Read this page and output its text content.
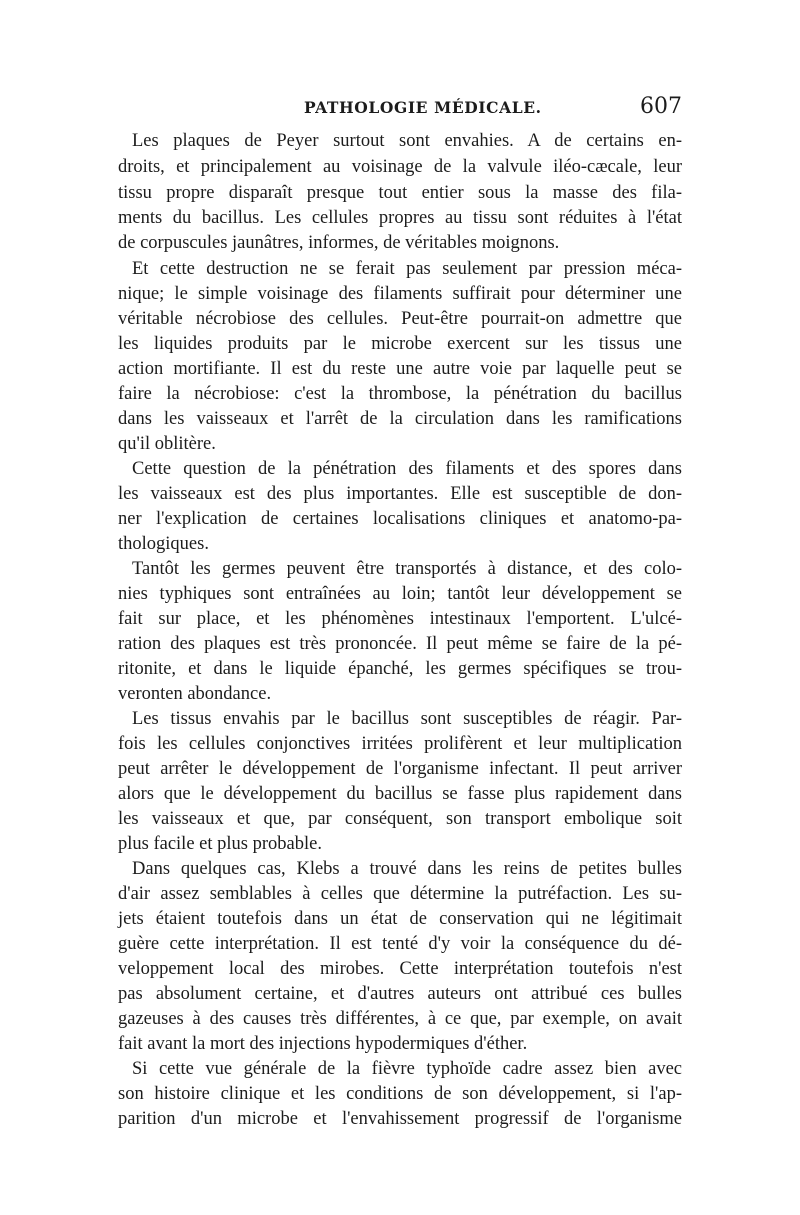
PATHOLOGIE MÉDICALE.	607
Les plaques de Peyer surtout sont envahies. A de certains en-
droits, et principalement au voisinage de la valvule iléo-cæcale, leur
tissu propre disparaît presque tout entier sous la masse des fila-
ments du bacillus. Les cellules propres au tissu sont réduites à l'état
de corpuscules jaunâtres, informes, de véritables moignons.
Et cette destruction ne se ferait pas seulement par pression méca-
nique; le simple voisinage des filaments suffirait pour déterminer une
véritable nécrobiose des cellules. Peut-être pourrait-on admettre que
les liquides produits par le microbe exercent sur les tissus une
action mortifiante. Il est du reste une autre voie par laquelle peut se
faire la nécrobiose: c'est la thrombose, la pénétration du bacillus
dans les vaisseaux et l'arrêt de la circulation dans les ramifications
qu'il oblitère.
Cette question de la pénétration des filaments et des spores dans
les vaisseaux est des plus importantes. Elle est susceptible de don-
ner l'explication de certaines localisations cliniques et anatomo-pa-
thologiques.
Tantôt les germes peuvent être transportés à distance, et des colo-
nies typhiques sont entraînées au loin; tantôt leur développement se
fait sur place, et les phénomènes intestinaux l'emportent. L'ulcé-
ration des plaques est très prononcée. Il peut même se faire de la pé-
ritonite, et dans le liquide épanché, les germes spécifiques se trou-
veronten abondance.
Les tissus envahis par le bacillus sont susceptibles de réagir. Par-
fois les cellules conjonctives irritées prolifèrent et leur multiplication
peut arrêter le développement de l'organisme infectant. Il peut arriver
alors que le développement du bacillus se fasse plus rapidement dans
les vaisseaux et que, par conséquent, son transport embolique soit
plus facile et plus probable.
Dans quelques cas, Klebs a trouvé dans les reins de petites bulles
d'air assez semblables à celles que détermine la putréfaction. Les su-
jets étaient toutefois dans un état de conservation qui ne légitimait
guère cette interprétation. Il est tenté d'y voir la conséquence du dé-
veloppement local des mirobes. Cette interprétation toutefois n'est
pas absolument certaine, et d'autres auteurs ont attribué ces bulles
gazeuses à des causes très différentes, à ce que, par exemple, on avait
fait avant la mort des injections hypodermiques d'éther.
Si cette vue générale de la fièvre typhoïde cadre assez bien avec
son histoire clinique et les conditions de son développement, si l'ap-
parition d'un microbe et l'envahissement progressif de l'organisme
